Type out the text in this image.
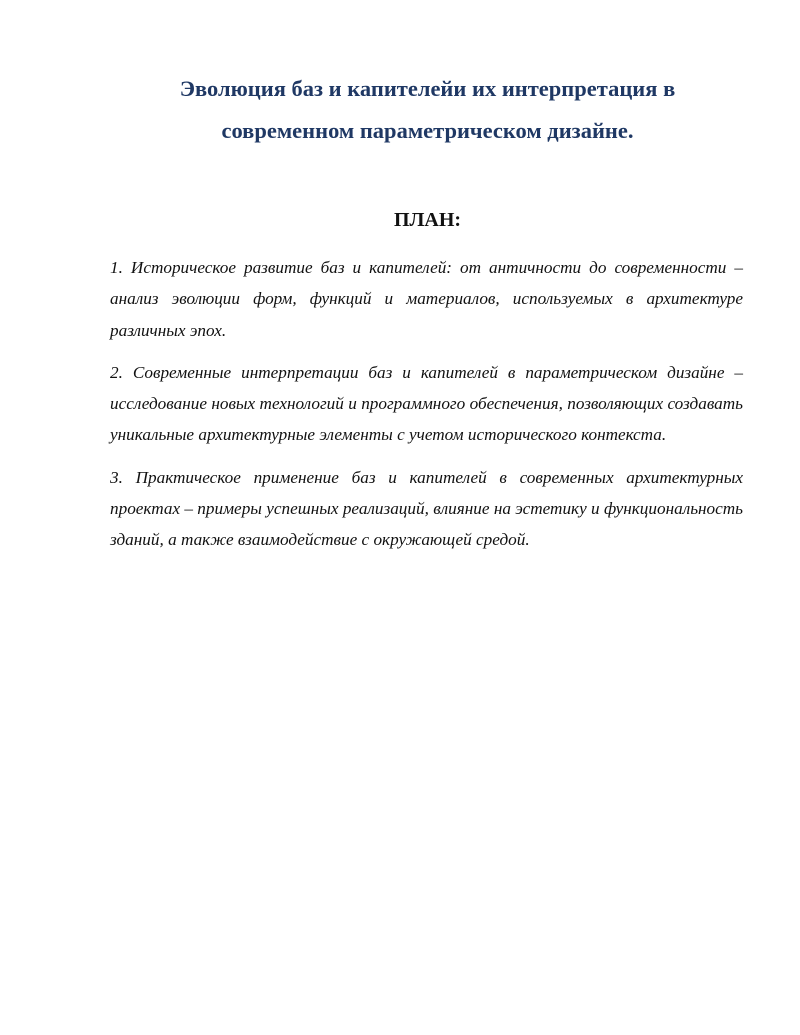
Эволюция баз и капителейи их интерпретация в
современном параметрическом дизайне.
ПЛАН:
1. Историческое развитие баз и капителей: от античности до современности – анализ эволюции форм, функций и материалов, используемых в архитектуре различных эпох.
2. Современные интерпретации баз и капителей в параметрическом дизайне – исследование новых технологий и программного обеспечения, позволяющих создавать уникальные архитектурные элементы с учетом исторического контекста.
3. Практическое применение баз и капителей в современных архитектурных проектах – примеры успешных реализаций, влияние на эстетику и функциональность зданий, а также взаимодействие с окружающей средой.
